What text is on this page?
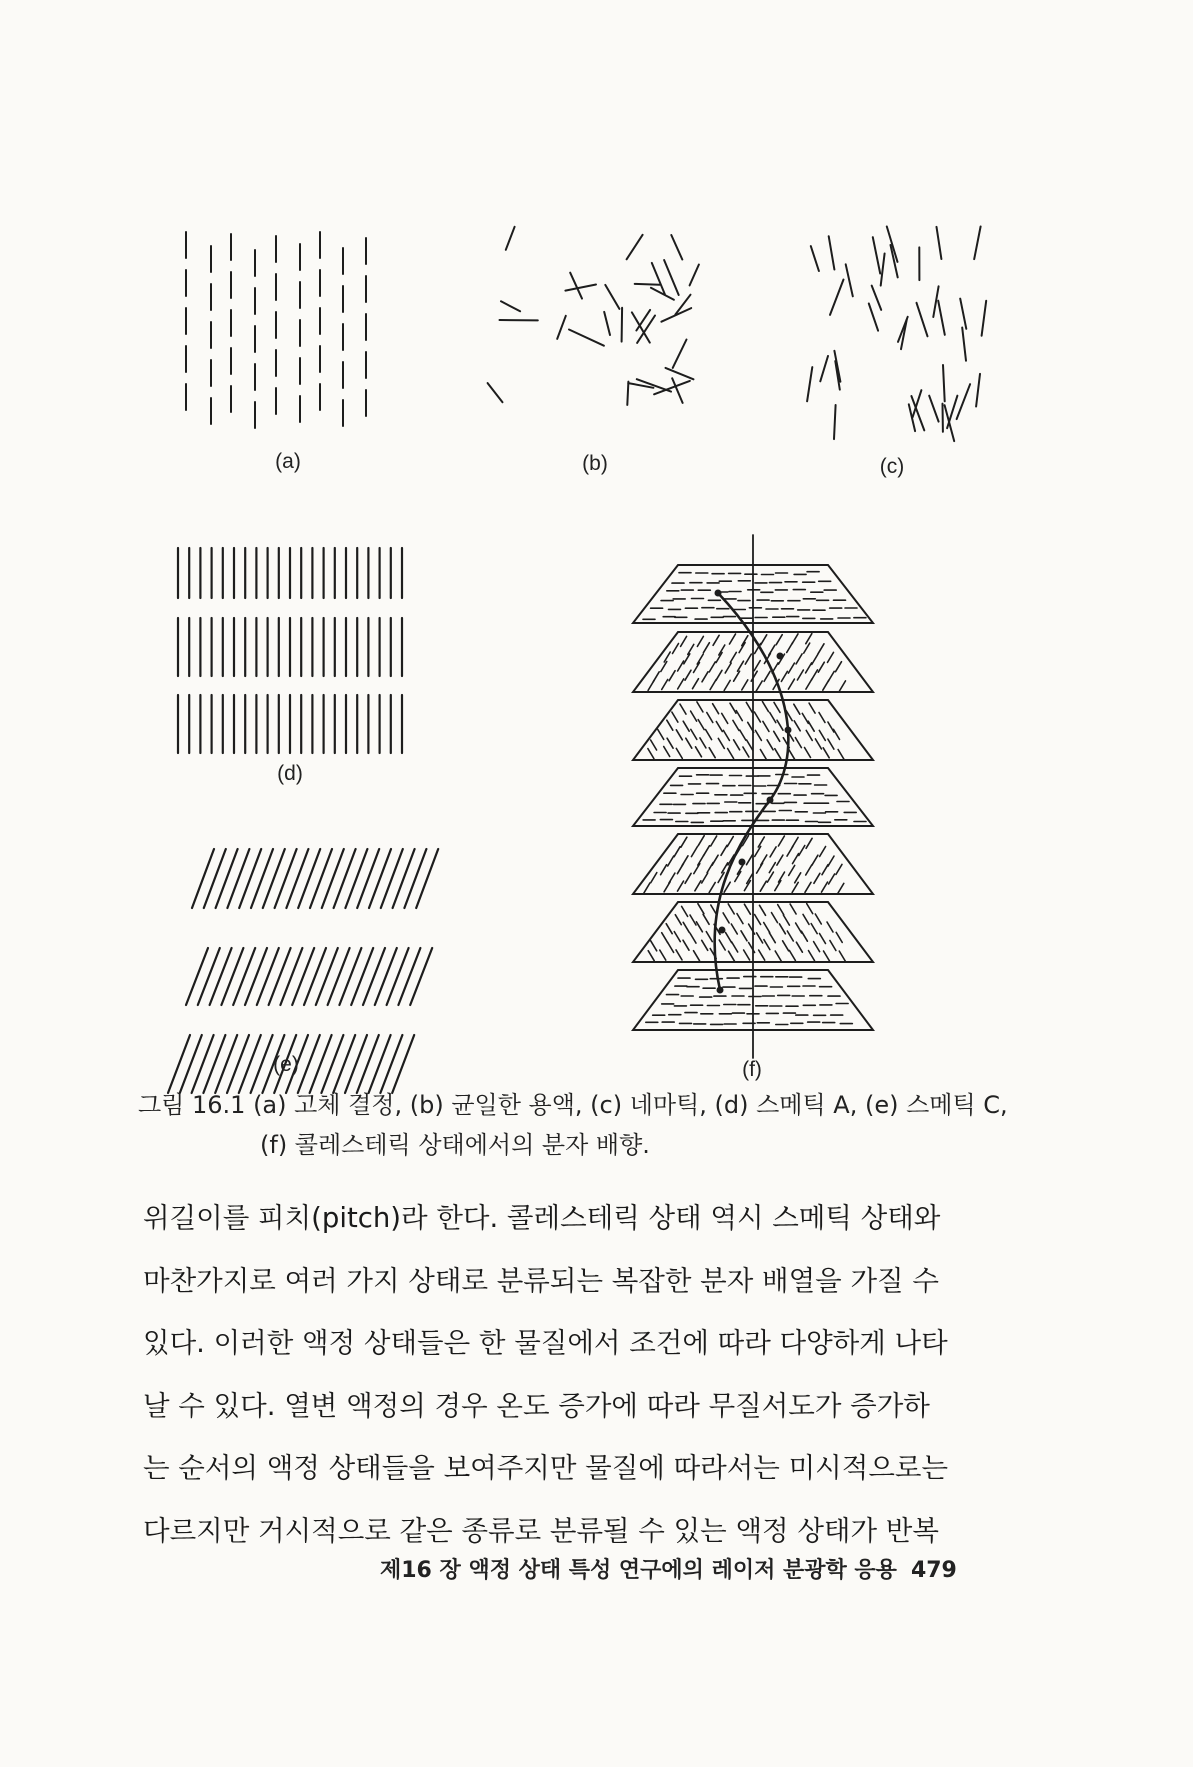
(a)	(b)	(c)
(d)
(e)	(f)
그림 16.1 (a) 고체 결정, (b) 균일한 용액, (c) 네마틱, (d) 스메틱 A, (e) 스메틱 C,
(f) 콜레스테릭 상태에서의 분자 배향.
위길이를 피치(pitch)라 한다. 콜레스테릭 상태 역시 스메틱 상태와
마찬가지로 여러 가지 상태로 분류되는 복잡한 분자 배열을 가질 수
있다. 이러한 액정 상태들은 한 물질에서 조건에 따라 다양하게 나타
날 수 있다. 열변 액정의 경우 온도 증가에 따라 무질서도가 증가하
는 순서의 액정 상태들을 보여주지만 물질에 따라서는 미시적으로는
다르지만 거시적으로 같은 종류로 분류될 수 있는 액정 상태가 반복
제16 장 액정 상태 특성 연구에의 레이저 분광학 응용 479
